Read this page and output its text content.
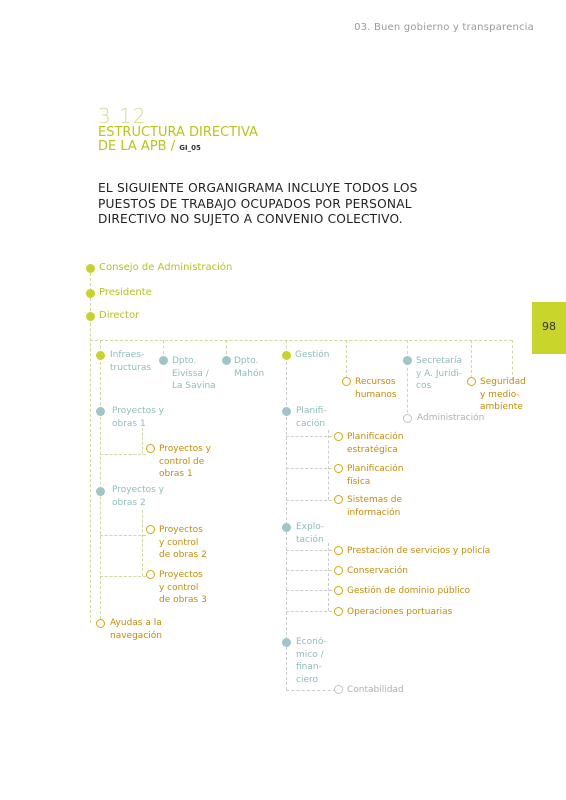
03. Buen gobierno y transparencia
3.12
ESTRUCTURA DIRECTIVA
DE LA APB / GI_05
EL SIGUIENTE ORGANIGRAMA INCLUYE TODOS LOS PUESTOS DE TRABAJO OCUPADOS POR PERSONAL DIRECTIVO NO SUJETO A CONVENIO COLECTIVO.
98
Consejo de Administración
Presidente
Director
Infraes-
tructuras
Dpto.
Eivissa /
La Savina
Dpto.
Mahón
Gestión
Recursos
humanos
Secretaría
y A. Jurídi-
cos	Seguridad
y medio-
ambiente
Administración
Proyectos y
obras 1
Proyectos y
control de
obras 1
Proyectos y
obras 2
Proyectos
y control
de obras 2
Proyectos
y control
de obras 3
Ayudas a la
navegación
Planifi-
cación
Planificación
estratégica
Planificación
física
Sistemas de
información
Explo-
tación
Prestación de servicios y policía
Conservación
Gestión de dominio público
Operaciones portuarias
Econó-
mico /
finan-
ciero
Contabilidad
